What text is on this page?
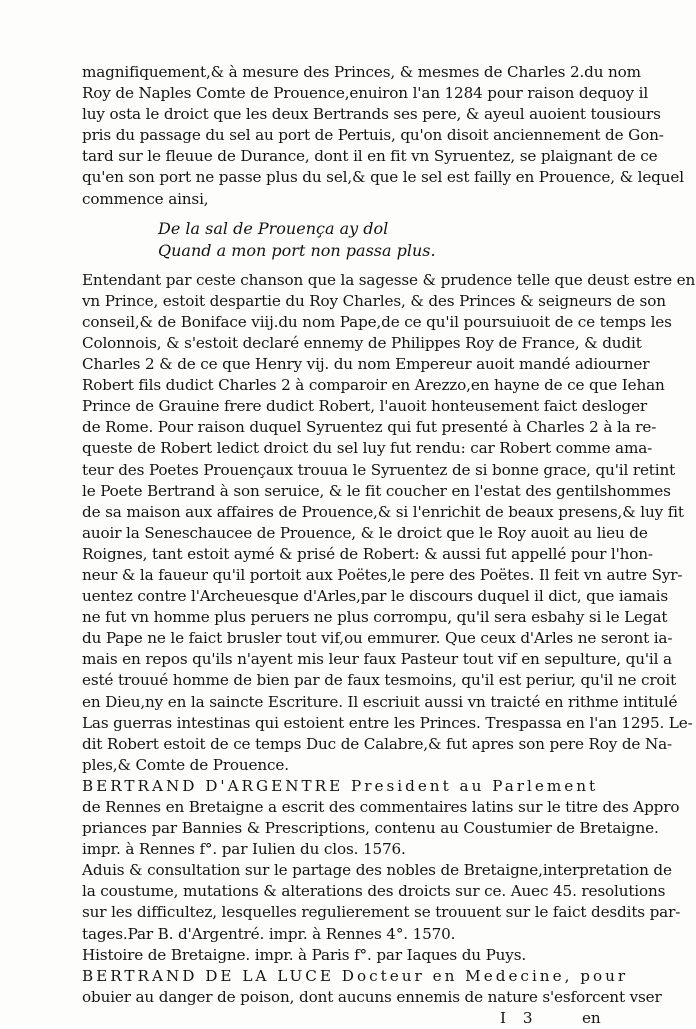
magnifiquement,& à mesure des Princes, & mesmes de Charles 2.du nom
Roy de Naples Comte de Prouence,enuiron l'an 1284 pour raison dequoy il
luy osta le droict que les deux Bertrands ses pere, & ayeul auoient tousiours
pris du passage du sel au port de Pertuis, qu'on disoit anciennement de Gon-
tard sur le fleuue de Durance, dont il en fit vn Syruentez, se plaignant de ce
qu'en son port ne passe plus du sel,& que le sel est failly en Prouence, & lequel
commence ainsi,
De la sal de Prouença ay dol
Quand a mon port non passa plus.
Entendant par ceste chanson que la sagesse & prudence telle que deust estre en
vn Prince, estoit despartie du Roy Charles, & des Princes & seigneurs de son
conseil,& de Boniface viij.du nom Pape,de ce qu'il poursuiuoit de ce temps les
Colonnois, & s'estoit declaré ennemy de Philippes Roy de France, & dudit
Charles 2 & de ce que Henry vij. du nom Empereur auoit mandé adiourner
Robert fils dudict Charles 2 à comparoir en Arezzo,en hayne de ce que Iehan
Prince de Grauine frere dudict Robert, l'auoit honteusement faict desloger
de Rome. Pour raison duquel Syruentez qui fut presenté à Charles 2 à la re-
queste de Robert ledict droict du sel luy fut rendu: car Robert comme ama-
teur des Poetes Prouençaux trouua le Syruentez de si bonne grace, qu'il retint
le Poete Bertrand à son seruice, & le fit coucher en l'estat des gentilshommes
de sa maison aux affaires de Prouence,& si l'enrichit de beaux presens,& luy fit
auoir la Seneschaucee de Prouence, & le droict que le Roy auoit au lieu de
Roignes, tant estoit aymé & prisé de Robert: & aussi fut appellé pour l'hon-
neur & la faueur qu'il portoit aux Poëtes,le pere des Poëtes. Il feit vn autre Syr-
uentez contre l'Archeuesque d'Arles,par le discours duquel il dict, que iamais
ne fut vn homme plus peruers ne plus corrompu, qu'il sera esbahy si le Legat
du Pape ne le faict brusler tout vif,ou emmurer. Que ceux d'Arles ne seront ia-
mais en repos qu'ils n'ayent mis leur faux Pasteur tout vif en sepulture, qu'il a
esté trouué homme de bien par de faux tesmoins, qu'il est periur, qu'il ne croit
en Dieu,ny en la saincte Escriture. Il escriuit aussi vn traicté en rithme intitulé
Las guerras intestinas qui estoient entre les Princes. Trespassa en l'an 1295. Le-
dit Robert estoit de ce temps Duc de Calabre,& fut apres son pere Roy de Na-
ples,& Comte de Prouence.
BERTRAND D'ARGENTRE President au Parlement
de Rennes en Bretaigne a escrit des commentaires latins sur le titre des Appro
priances par Bannies & Prescriptions, contenu au Coustumier de Bretaigne.
impr. à Rennes f°. par Iulien du clos. 1576.
Aduis & consultation sur le partage des nobles de Bretaigne,interpretation de
la coustume, mutations & alterations des droicts sur ce. Auec 45. resolutions
sur les difficultez, lesquelles regulierement se trouuent sur le faict desdits par-
tages.Par B. d'Argentré. impr. à Rennes 4°. 1570.
Histoire de Bretaigne. impr. à Paris f°. par Iaques du Puys.
BERTRAND DE LA LUCE Docteur en Medecine, pour
obuier au danger de poison, dont aucuns ennemis de nature s'esforcent vser
I 3	en
